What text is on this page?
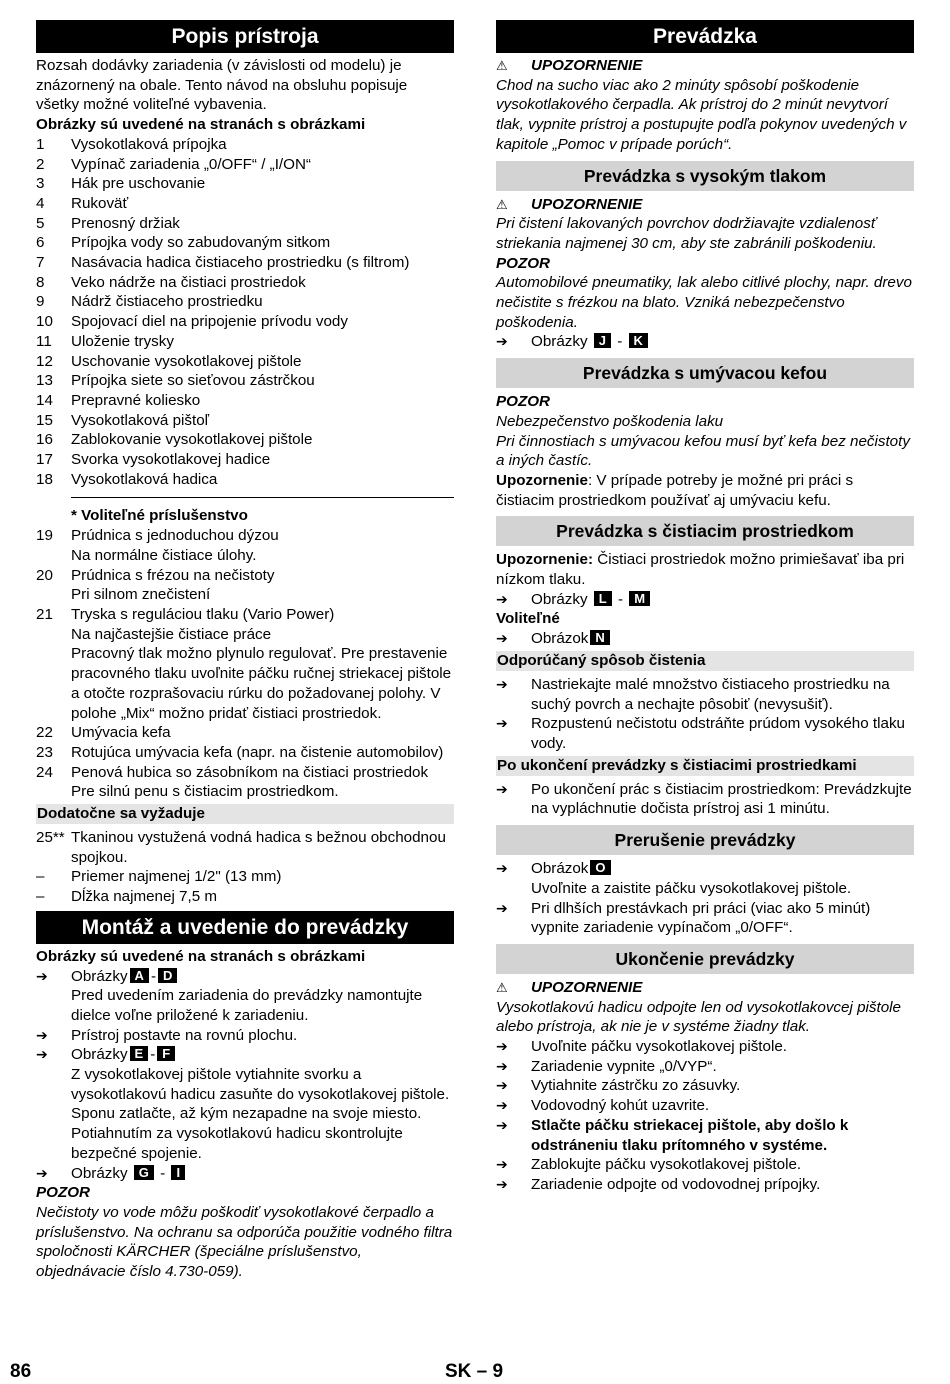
Popis prístroja

Rozsah dodávky zariadenia (v závislosti od modelu) je znázornený na obale. Tento návod na obsluhu popisuje všetky možné voliteľné vybavenia.

Obrázky sú uvedené na stranách s obrázkami

1	Vysokotlaková prípojka
2	Vypínač zariadenia „0/OFF“ / „I/ON“
3	Hák pre uschovanie
4	Rukoväť
5	Prenosný držiak
6	Prípojka vody so zabudovaným sitkom
7	Nasávacia hadica čistiaceho prostriedku (s filtrom)
8	Veko nádrže na čistiaci prostriedok
9	Nádrž čistiaceho prostriedku
10	Spojovací diel na pripojenie prívodu vody
11	Uloženie trysky
12	Uschovanie vysokotlakovej pištole
13	Prípojka siete so sieťovou zástrčkou
14	Prepravné koliesko
15	Vysokotlaková pištoľ
16	Zablokovanie vysokotlakovej pištole
17	Svorka vysokotlakovej hadice
18	Vysokotlaková hadica

* Voliteľné príslušenstvo

19	Prúdnica s jednoduchou dýzou
Na normálne čistiace úlohy.
20	Prúdnica s frézou na nečistoty
Pri silnom znečistení
21	Tryska s reguláciou tlaku (Vario Power)
Na najčastejšie čistiace práce
Pracovný tlak možno plynulo regulovať. Pre prestavenie pracovného tlaku uvoľnite páčku ručnej striekacej pištole a otočte rozprašovaciu rúrku do požadovanej polohy. V polohe „Mix“ možno pridať čistiaci prostriedok.
22	Umývacia kefa
23	Rotujúca umývacia kefa (napr. na čistenie automobilov)
24	Penová hubica so zásobníkom na čistiaci prostriedok
Pre silnú penu s čistiacim prostriedkom.
Dodatočne sa vyžaduje
25** Tkaninou vystužená vodná hadica s bežnou obchodnou spojkou.
–	Priemer najmenej 1/2" (13 mm)
–	Dĺžka najmenej 7,5 m
Montáž a uvedenie do prevádzky

Obrázky sú uvedené na stranách s obrázkami

➔	Obrázky A - D
Pred uvedením zariadenia do prevádzky namontujte dielce voľne priložené k zariadeniu.
➔	Prístroj postavte na rovnú plochu.
➔	Obrázky E - F
Z vysokotlakovej pištole vytiahnite svorku a vysokotlakovú hadicu zasuňte do vysokotlakovej pištole. Sponu zatlačte, až kým nezapadne na svoje miesto. Potiahnutím za vysokotlakovú hadicu skontrolujte bezpečné spojenie.
➔	Obrázky G - I

POZOR

Nečistoty vo vode môžu poškodiť vysokotlakové čerpadlo a príslušenstvo. Na ochranu sa odporúča použitie vodného filtra spoločnosti KÄRCHER (špeciálne príslušenstvo, objednávacie číslo 4.730-059).

Prevádzka
⚠	UPOZORNENIE

Chod na sucho viac ako 2 minúty spôsobí poškodenie vysokotlakového čerpadla. Ak prístroj do 2 minút nevytvorí tlak, vypnite prístroj a postupujte podľa pokynov uvedených v kapitole „Pomoc v prípade porúch“.

Prevádzka s vysokým tlakom
⚠	UPOZORNENIE

Pri čistení lakovaných povrchov dodržiavajte vzdialenosť striekania najmenej 30 cm, aby ste zabránili poškodeniu.

POZOR

Automobilové pneumatiky, lak alebo citlivé plochy, napr. drevo nečistite s frézkou na blato. Vzniká nebezpečenstvo poškodenia.

➔	Obrázky J - K
Prevádzka s umývacou kefou

POZOR

Nebezpečenstvo poškodenia laku

Pri činnostiach s umývacou kefou musí byť kefa bez nečistoty a iných častíc.

Upozornenie: V prípade potreby je možné pri práci s čistiacim prostriedkom používať aj umývaciu kefu.

Prevádzka s čistiacim prostriedkom

Upozornenie: Čistiaci prostriedok možno primiešavať iba pri nízkom tlaku.

➔	Obrázky L - M

Voliteľné

➔	Obrázok N
Odporúčaný spôsob čistenia
➔	Nastriekajte malé množstvo čistiaceho prostriedku na suchý povrch a nechajte pôsobiť (nevysušiť).
➔	Rozpustenú nečistotu odstráňte prúdom vysokého tlaku vody.
Po ukončení prevádzky s čistiacimi prostriedkami
➔	Po ukončení prác s čistiacim prostriedkom: Prevádzkujte na vypláchnutie dočista prístroj asi 1 minútu.
Prerušenie prevádzky
➔	Obrázok O
Uvoľnite a zaistite páčku vysokotlakovej pištole.
➔	Pri dlhších prestávkach pri práci (viac ako 5 minút) vypnite zariadenie vypínačom „0/OFF“.
Ukončenie prevádzky
⚠	UPOZORNENIE

Vysokotlakovú hadicu odpojte len od vysokotlakovcej pištole alebo prístroja, ak nie je v systéme žiadny tlak.

➔	Uvoľnite páčku vysokotlakovej pištole.
➔	Zariadenie vypnite „0/VYP“.
➔	Vytiahnite zástrčku zo zásuvky.
➔	Vodovodný kohút uzavrite.
➔	Stlačte páčku striekacej pištole, aby došlo k odstráneniu tlaku prítomného v systéme.
➔	Zablokujte páčku vysokotlakovej pištole.
➔	Zariadenie odpojte od vodovodnej prípojky.
86	SK – 9
